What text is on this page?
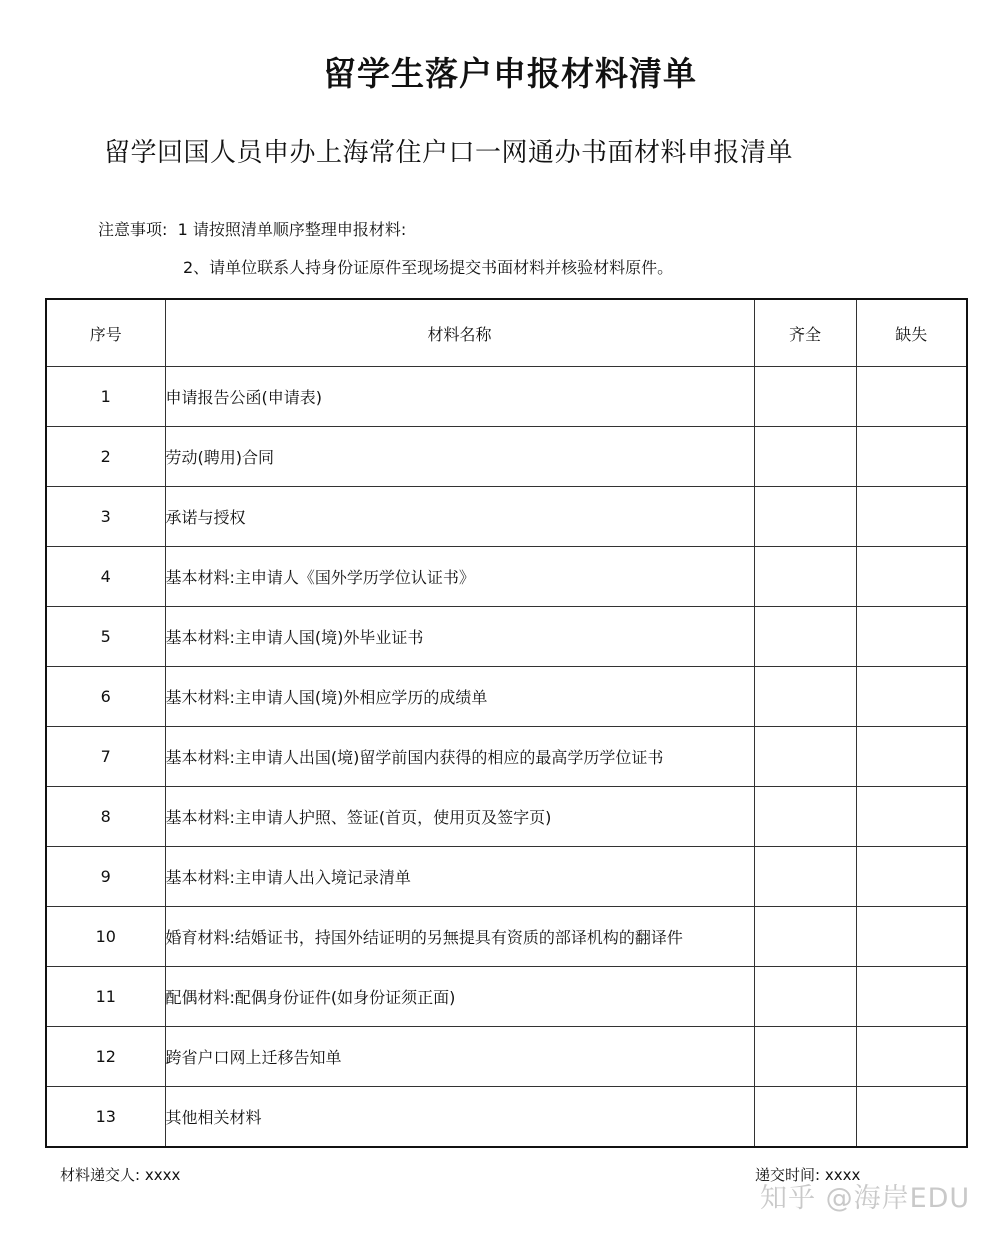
留学生落户申报材料清单
留学回国人员申办上海常住户口一网通办书面材料申报清单
注意事项: 1 请按照清单顺序整理申报材料:
2、请单位联系人持身份证原件至现场提交书面材料并核验材料原件。
序号	材料名称	齐全	缺失
1	申请报告公函(申请表)		
2	劳动(聘用)合同		
3	承诺与授权		
4	基本材料:主申请人《国外学历学位认证书》		
5	基本材料:主申请人国(境)外毕业证书		
6	基木材料:主申请人国(境)外相应学历的成绩单		
7	基本材料:主申请人出国(境)留学前国内获得的相应的最高学历学位证书		
8	基本材料:主申请人护照、签证(首页，使用页及签字页)		
9	基本材料:主申请人出入境记录清单		
10	婚育材料:结婚证书，持国外结证明的另無提具有资质的部译机构的翻译件		
11	配偶材料:配偶身份证件(如身份证须正面)		
12	跨省户口网上迁移告知单		
13	其他相关材料		
材料递交人: xxxx	递交时间: xxxx
知乎 @海岸EDU
